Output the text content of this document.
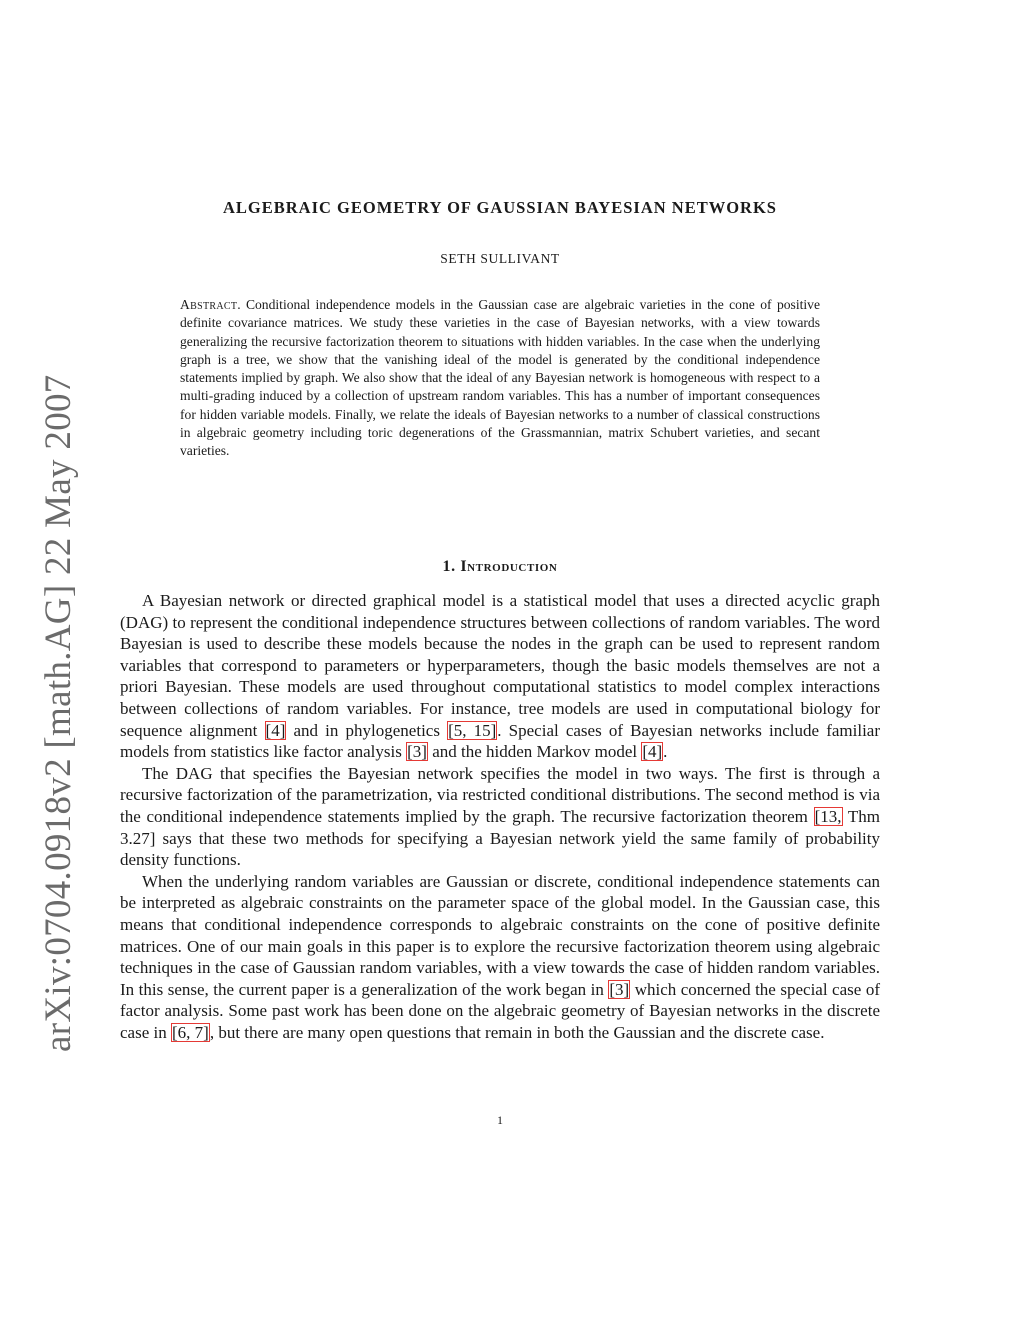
arXiv:0704.0918v2 [math.AG] 22 May 2007
ALGEBRAIC GEOMETRY OF GAUSSIAN BAYESIAN NETWORKS
SETH SULLIVANT

Abstract. Conditional independence models in the Gaussian case are algebraic varieties in the cone of positive definite covariance matrices. We study these varieties in the case of Bayesian networks, with a view towards generalizing the recursive factorization theorem to situations with hidden variables. In the case when the underlying graph is a tree, we show that the vanishing ideal of the model is generated by the conditional independence statements implied by graph. We also show that the ideal of any Bayesian network is homogeneous with respect to a multi-grading induced by a collection of upstream random variables. This has a number of important consequences for hidden variable models. Finally, we relate the ideals of Bayesian networks to a number of classical constructions in algebraic geometry including toric degenerations of the Grassmannian, matrix Schubert varieties, and secant varieties.

1. Introduction

A Bayesian network or directed graphical model is a statistical model that uses a directed acyclic graph (DAG) to represent the conditional independence structures between collections of random variables. The word Bayesian is used to describe these models because the nodes in the graph can be used to represent random variables that correspond to parameters or hyperparameters, though the basic models themselves are not a priori Bayesian. These models are used throughout computational statistics to model complex interactions between collections of random variables. For instance, tree models are used in computational biology for sequence alignment [4] and in phylogenetics [5, 15]. Special cases of Bayesian networks include familiar models from statistics like factor analysis [3] and the hidden Markov model [4].

The DAG that specifies the Bayesian network specifies the model in two ways. The first is through a recursive factorization of the parametrization, via restricted conditional distributions. The second method is via the conditional independence statements implied by the graph. The recursive factorization theorem [13, Thm 3.27] says that these two methods for specifying a Bayesian network yield the same family of probability density functions.

When the underlying random variables are Gaussian or discrete, conditional independence statements can be interpreted as algebraic constraints on the parameter space of the global model. In the Gaussian case, this means that conditional independence corresponds to algebraic constraints on the cone of positive definite matrices. One of our main goals in this paper is to explore the recursive factorization theorem using algebraic techniques in the case of Gaussian random variables, with a view towards the case of hidden random variables. In this sense, the current paper is a generalization of the work began in [3] which concerned the special case of factor analysis. Some past work has been done on the algebraic geometry of Bayesian networks in the discrete case in [6, 7], but there are many open questions that remain in both the Gaussian and the discrete case.

1
